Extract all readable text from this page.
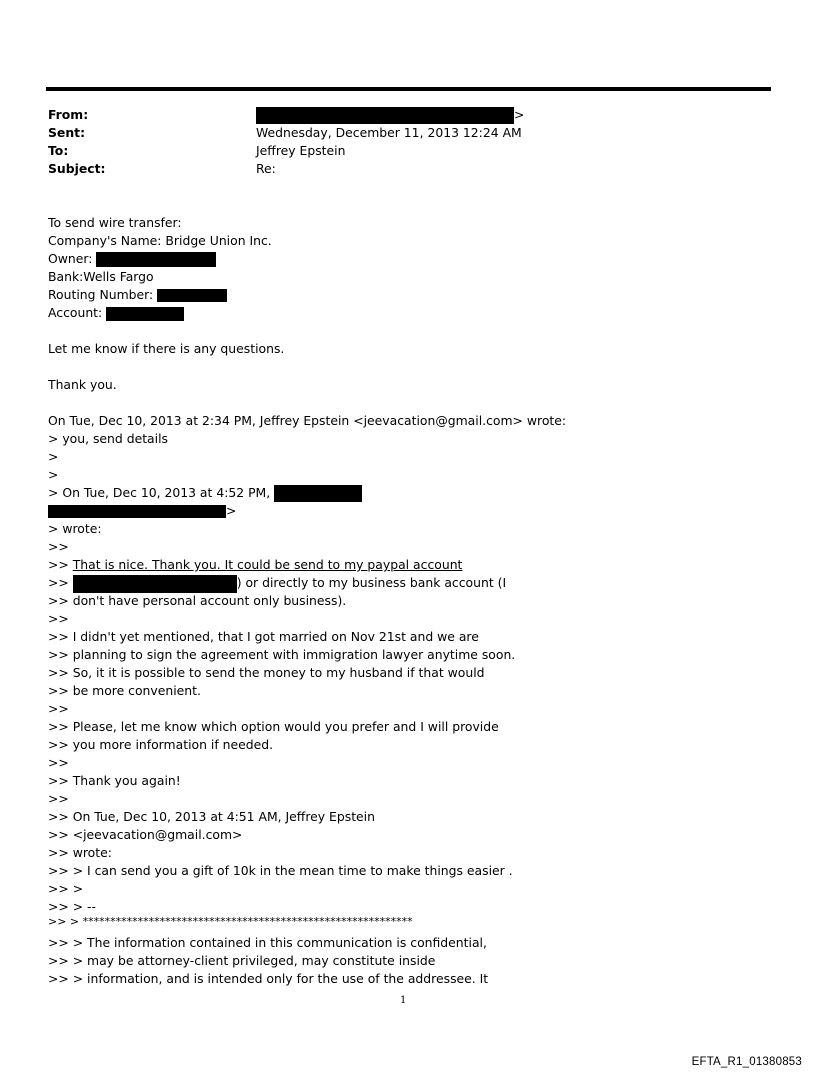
From:	>
Sent:	Wednesday, December 11, 2013 12:24 AM
To:	Jeffrey Epstein
Subject:	Re:
To send wire transfer:
Company's Name: Bridge Union Inc.
Owner:
Bank:Wells Fargo
Routing Number:
Account:
Let me know if there is any questions.
Thank you.
On Tue, Dec 10, 2013 at 2:34 PM, Jeffrey Epstein <jeevacation@gmail.com> wrote:
> you, send details
>
>
> On Tue, Dec 10, 2013 at 4:52 PM,
>
> wrote:
>>
>> That is nice. Thank you. It could be send to my paypal account
>>	) or directly to my business bank account (I
>> don't have personal account only business).
>>
>> I didn't yet mentioned, that I got married on Nov 21st and we are
>> planning to sign the agreement with immigration lawyer anytime soon.
>> So, it it is possible to send the money to my husband if that would
>> be more convenient.
>>
>> Please, let me know which option would you prefer and I will provide
>> you more information if needed.
>>
>> Thank you again!
>>
>> On Tue, Dec 10, 2013 at 4:51 AM, Jeffrey Epstein
>> <jeevacation@gmail.com>
>> wrote:
>> > I can send you a gift of 10k in the mean time to make things easier .
>> >
>> > --
>> > ************************************************************
>> > The information contained in this communication is confidential,
>> > may be attorney-client privileged, may constitute inside
>> > information, and is intended only for the use of the addressee. It
1
EFTA_R1_01380853
